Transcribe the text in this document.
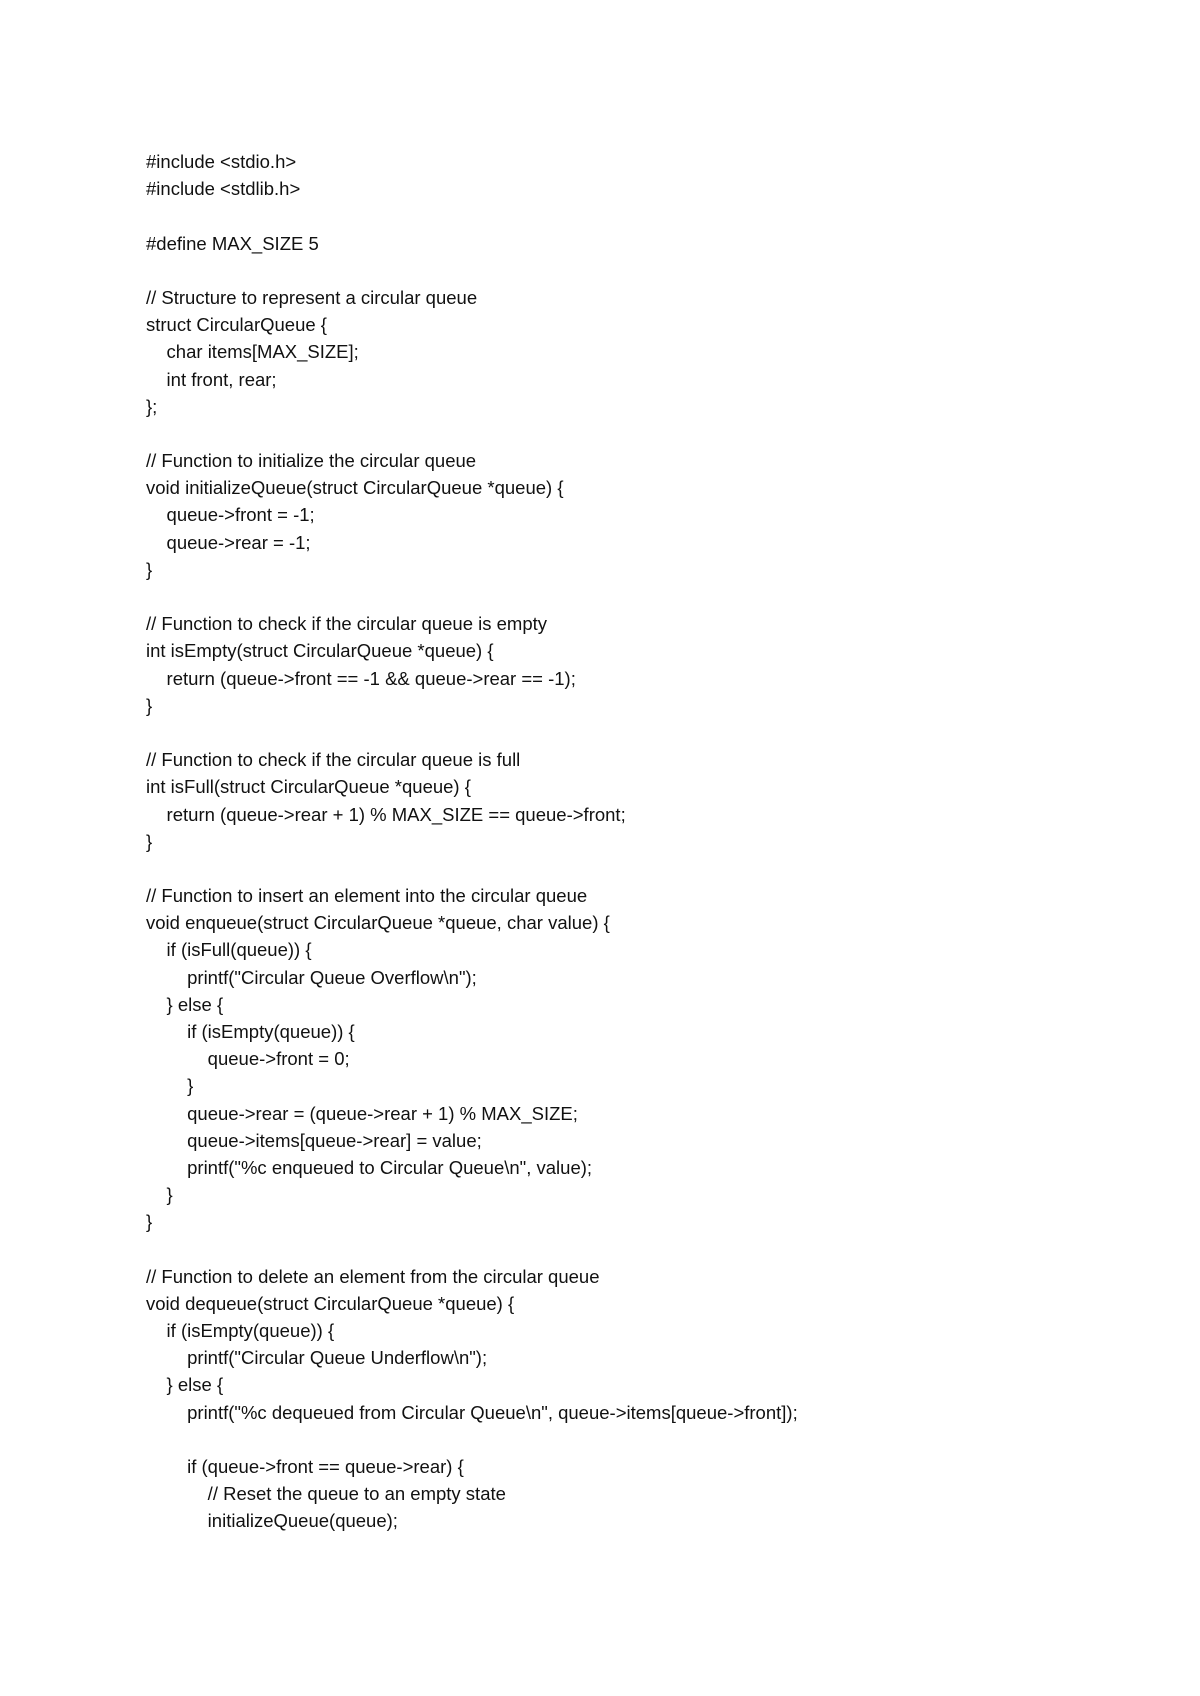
#include <stdio.h>
#include <stdlib.h>
#define MAX_SIZE 5
// Structure to represent a circular queue
struct CircularQueue {
char items[MAX_SIZE];
int front, rear;
};
// Function to initialize the circular queue
void initializeQueue(struct CircularQueue *queue) {
queue->front = -1;
queue->rear = -1;
}
// Function to check if the circular queue is empty
int isEmpty(struct CircularQueue *queue) {
return (queue->front == -1 && queue->rear == -1);
}
// Function to check if the circular queue is full
int isFull(struct CircularQueue *queue) {
return (queue->rear + 1) % MAX_SIZE == queue->front;
}
// Function to insert an element into the circular queue
void enqueue(struct CircularQueue *queue, char value) {
if (isFull(queue)) {
printf("Circular Queue Overflow\n");
} else {
if (isEmpty(queue)) {
queue->front = 0;
}
queue->rear = (queue->rear + 1) % MAX_SIZE;
queue->items[queue->rear] = value;
printf("%c enqueued to Circular Queue\n", value);
}
}
// Function to delete an element from the circular queue
void dequeue(struct CircularQueue *queue) {
if (isEmpty(queue)) {
printf("Circular Queue Underflow\n");
} else {
printf("%c dequeued from Circular Queue\n", queue->items[queue->front]);
if (queue->front == queue->rear) {
// Reset the queue to an empty state
initializeQueue(queue);
